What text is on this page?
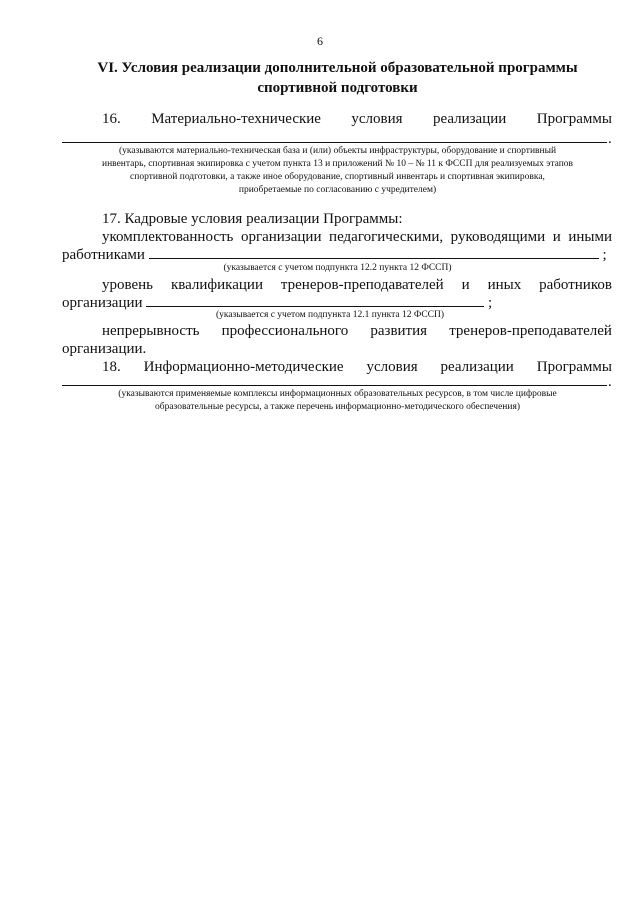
6
VI. Условия реализации дополнительной образовательной программы
спортивной подготовки
16. Материально-технические условия реализации Программы
.
(указываются материально-техническая база и (или) объекты инфраструктуры, оборудование и спортивный
инвентарь, спортивная экипировка с учетом пункта 13 и приложений № 10 – № 11 к ФССП для реализуемых этапов
спортивной подготовки, а также иное оборудование, спортивный инвентарь и спортивная экипировка,
приобретаемые по согласованию с учредителем)
17. Кадровые условия реализации Программы:
укомплектованность организации педагогическими, руководящими и иными
работниками	;
(указывается с учетом подпункта 12.2 пункта 12 ФССП)
уровень квалификации тренеров-преподавателей и иных работников
организации	;
(указывается с учетом подпункта 12.1 пункта 12 ФССП)
непрерывность профессионального развития тренеров-преподавателей
организации.
18. Информационно-методические условия реализации Программы
.
(указываются применяемые комплексы информационных образовательных ресурсов, в том числе цифровые
образовательные ресурсы, а также перечень информационно-методического обеспечения)
